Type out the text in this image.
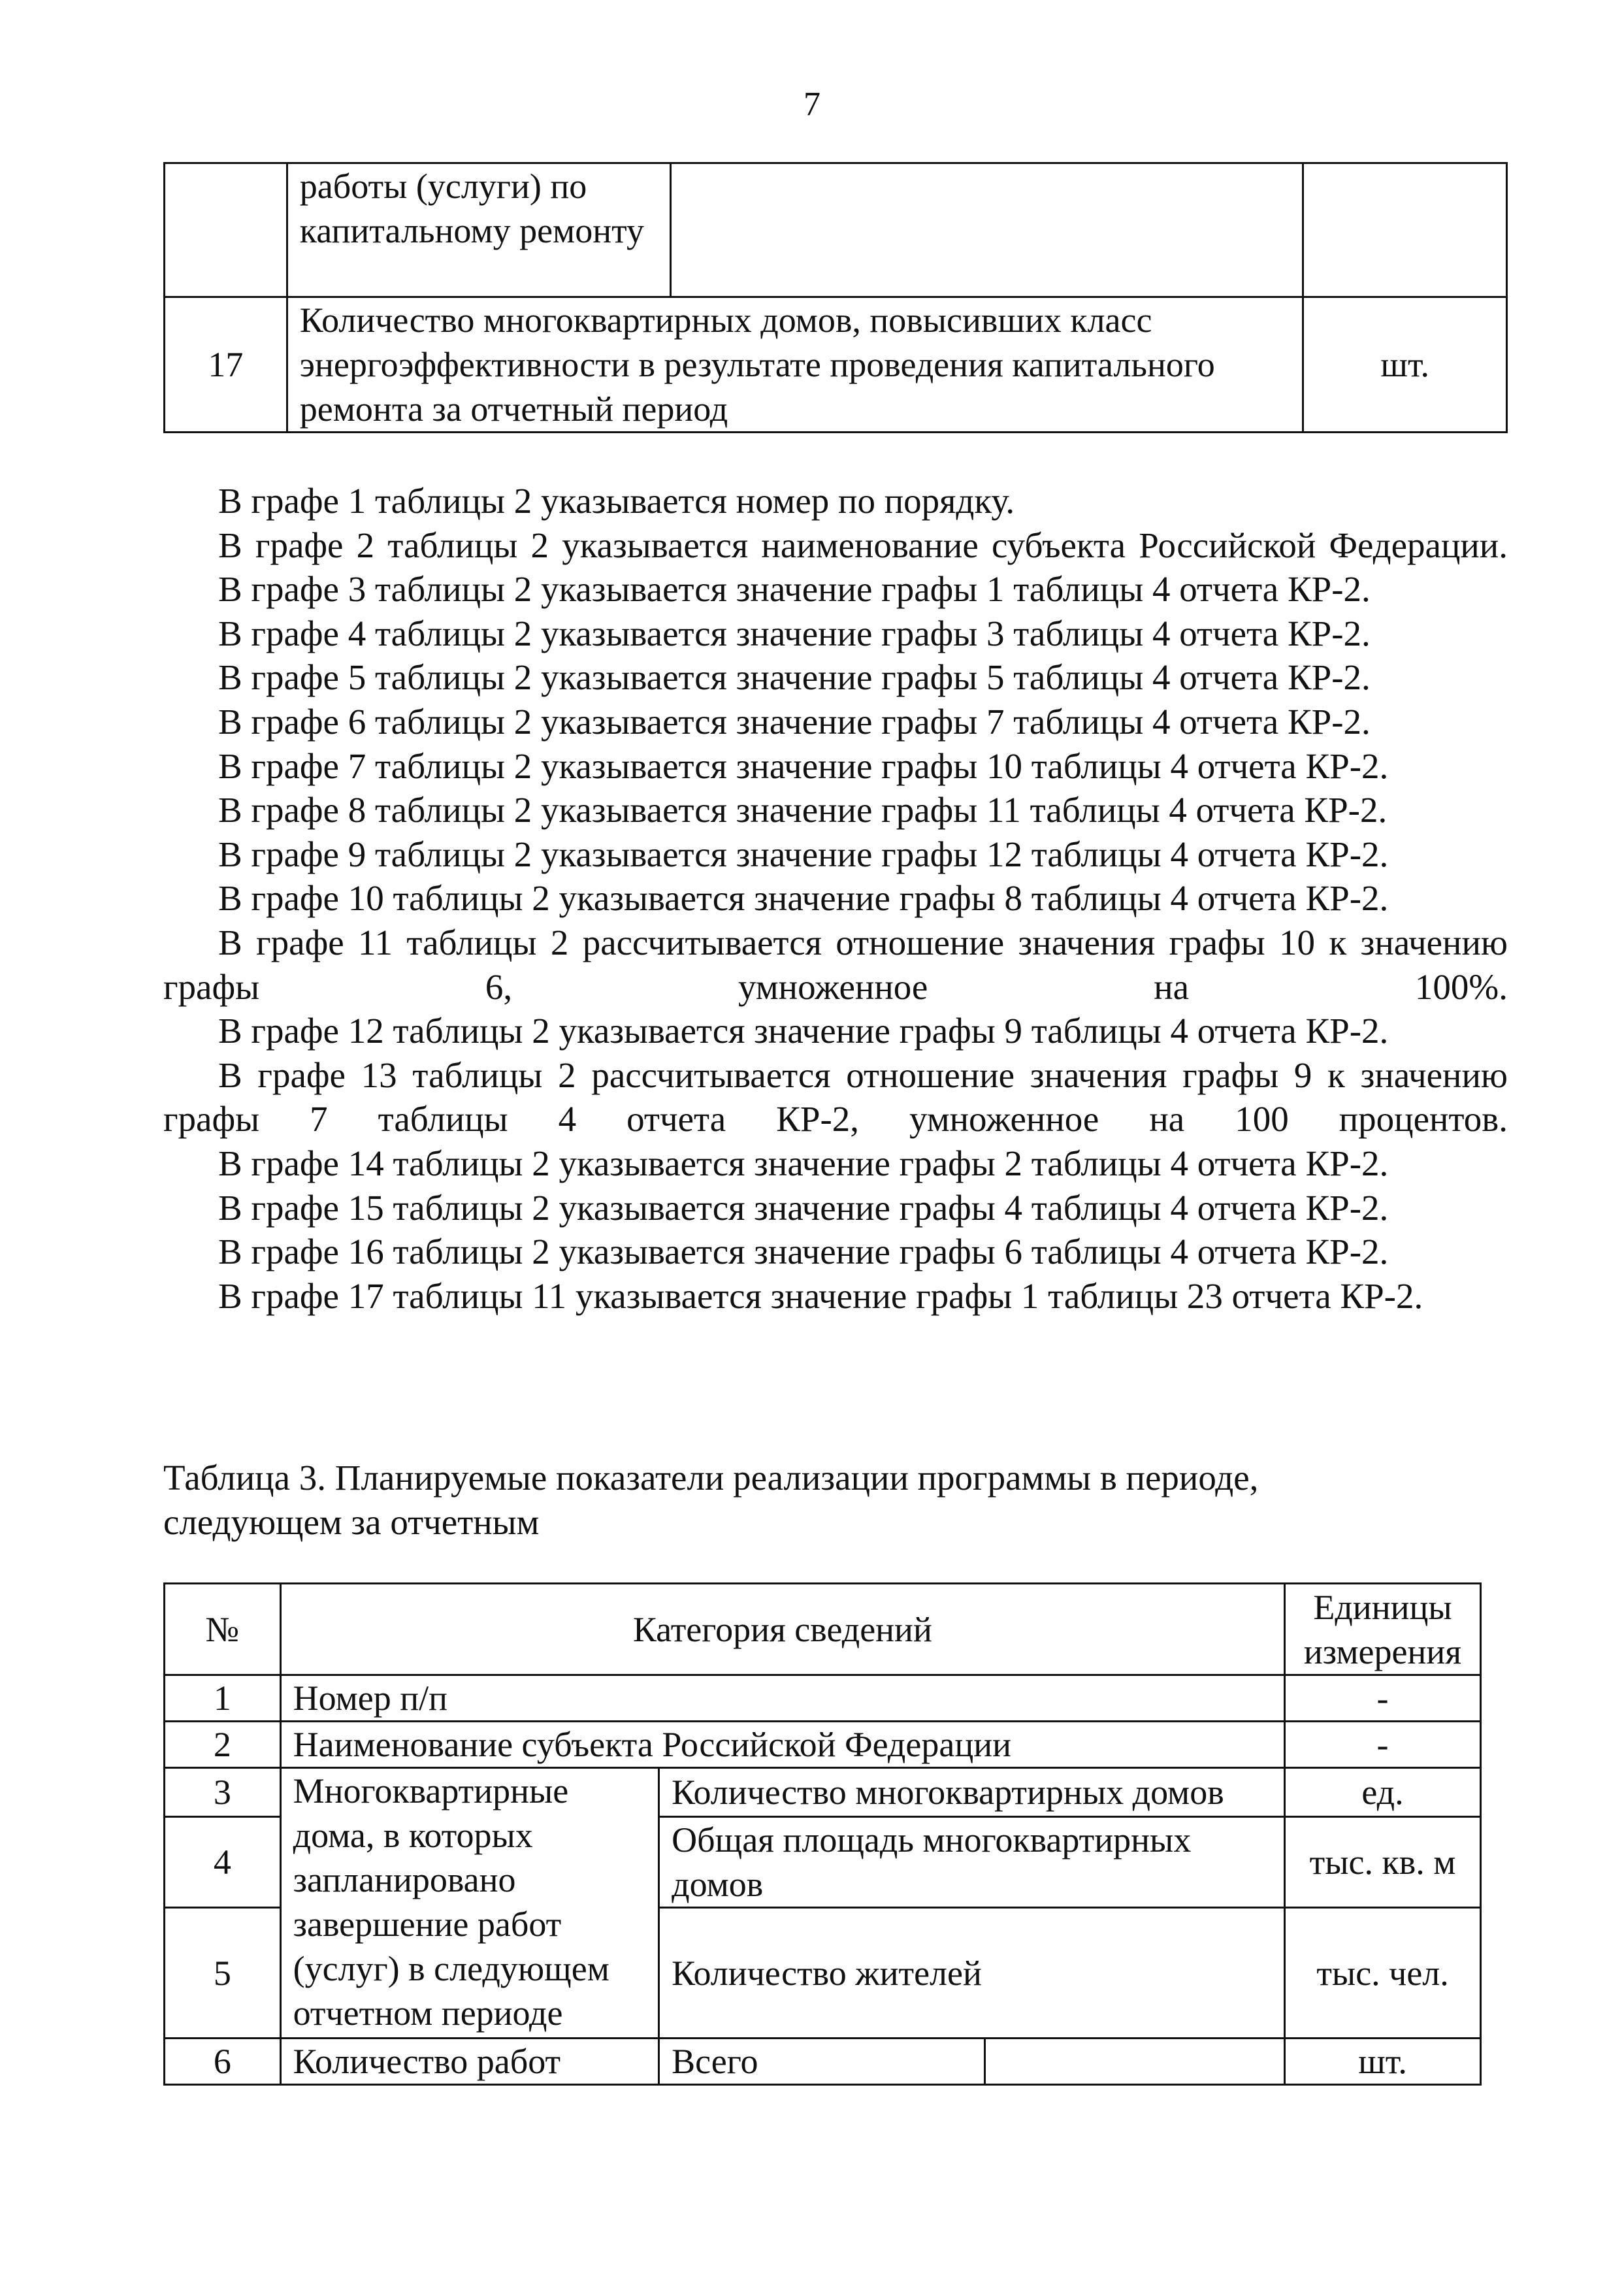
7
	работы (услуги) по капитальному ремонту		
17	Количество многоквартирных домов, повысивших класс энергоэффективности в результате проведения капитального ремонта за отчетный период		шт.

В графе 1 таблицы 2 указывается номер по порядку.

В графе 2 таблицы 2 указывается наименование субъекта Российской Федерации.

В графе 3 таблицы 2 указывается значение графы 1 таблицы 4 отчета КР-2.

В графе 4 таблицы 2 указывается значение графы 3 таблицы 4 отчета КР-2.

В графе 5 таблицы 2 указывается значение графы 5 таблицы 4 отчета КР-2.

В графе 6 таблицы 2 указывается значение графы 7 таблицы 4 отчета КР-2.

В графе 7 таблицы 2 указывается значение графы 10 таблицы 4 отчета КР-2.

В графе 8 таблицы 2 указывается значение графы 11 таблицы 4 отчета КР-2.

В графе 9 таблицы 2 указывается значение графы 12 таблицы 4 отчета КР-2.

В графе 10 таблицы 2 указывается значение графы 8 таблицы 4 отчета КР-2.

В графе 11 таблицы 2 рассчитывается отношение значения графы 10 к значению графы 6, умноженное на 100%.

В графе 12 таблицы 2 указывается значение графы 9 таблицы 4 отчета КР-2.

В графе 13 таблицы 2 рассчитывается отношение значения графы 9 к значению графы 7 таблицы 4 отчета КР-2, умноженное на 100 процентов.

В графе 14 таблицы 2 указывается значение графы 2 таблицы 4 отчета КР-2.

В графе 15 таблицы 2 указывается значение графы 4 таблицы 4 отчета КР-2.

В графе 16 таблицы 2 указывается значение графы 6 таблицы 4 отчета КР-2.

В графе 17 таблицы 11 указывается значение графы 1 таблицы 23 отчета КР-2.

Таблица 3. Планируемые показатели реализации программы в периоде,
следующем за отчетным
№	Категория сведений			Единицы измерения
1	Номер п/п			-
2	Наименование субъекта Российской Федерации			-
3	Многоквартирные дома, в которых запланировано завершение работ (услуг) в следующем отчетном периоде	Количество многоквартирных домов		ед.
4		Общая площадь многоквартирных домов		тыс. кв. м
5		Количество жителей		тыс. чел.
6	Количество работ	Всего		шт.
